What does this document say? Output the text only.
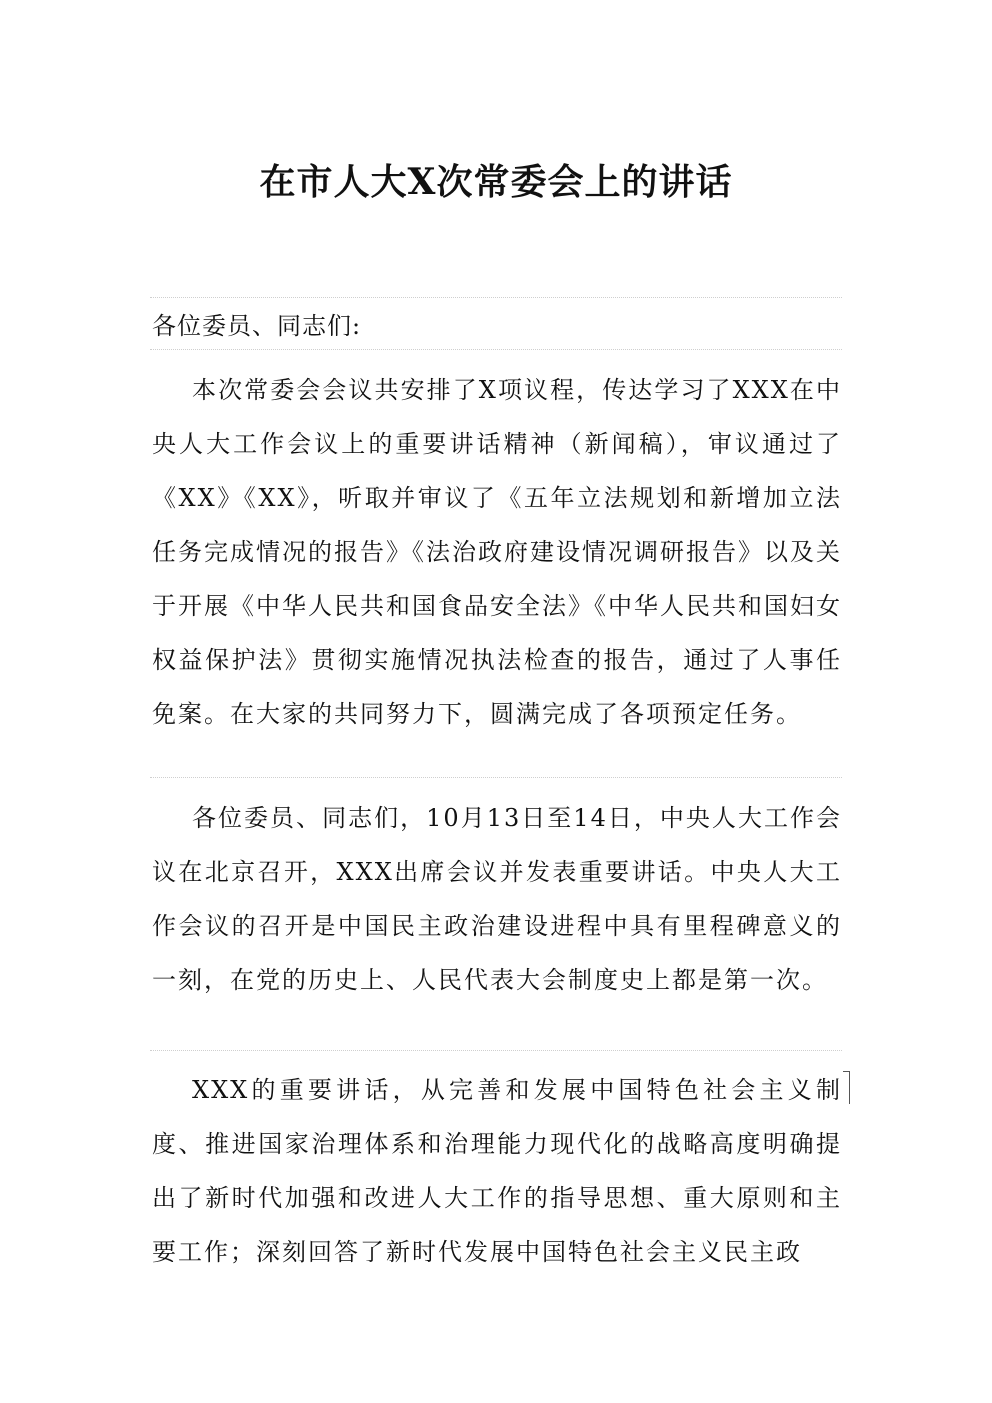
在市人大X次常委会上的讲话
各位委员、同志们:

本次常委会会议共安排了X项议程，传达学习了XXX在中央人大工作会议上的重要讲话精神（新闻稿），审议通过了《XX》《XX》，听取并审议了《五年立法规划和新增加立法任务完成情况的报告》《法治政府建设情况调研报告》以及关于开展《中华人民共和国食品安全法》《中华人民共和国妇女权益保护法》贯彻实施情况执法检查的报告，通过了人事任免案。在大家的共同努力下，圆满完成了各项预定任务。

各位委员、同志们，10月13日至14日，中央人大工作会议在北京召开，XXX出席会议并发表重要讲话。中央人大工作会议的召开是中国民主政治建设进程中具有里程碑意义的一刻，在党的历史上、人民代表大会制度史上都是第一次。

XXX的重要讲话，从完善和发展中国特色社会主义制度、推进国家治理体系和治理能力现代化的战略高度明确提出了新时代加强和改进人大工作的指导思想、重大原则和主要工作；深刻回答了新时代发展中国特色社会主义民主政
